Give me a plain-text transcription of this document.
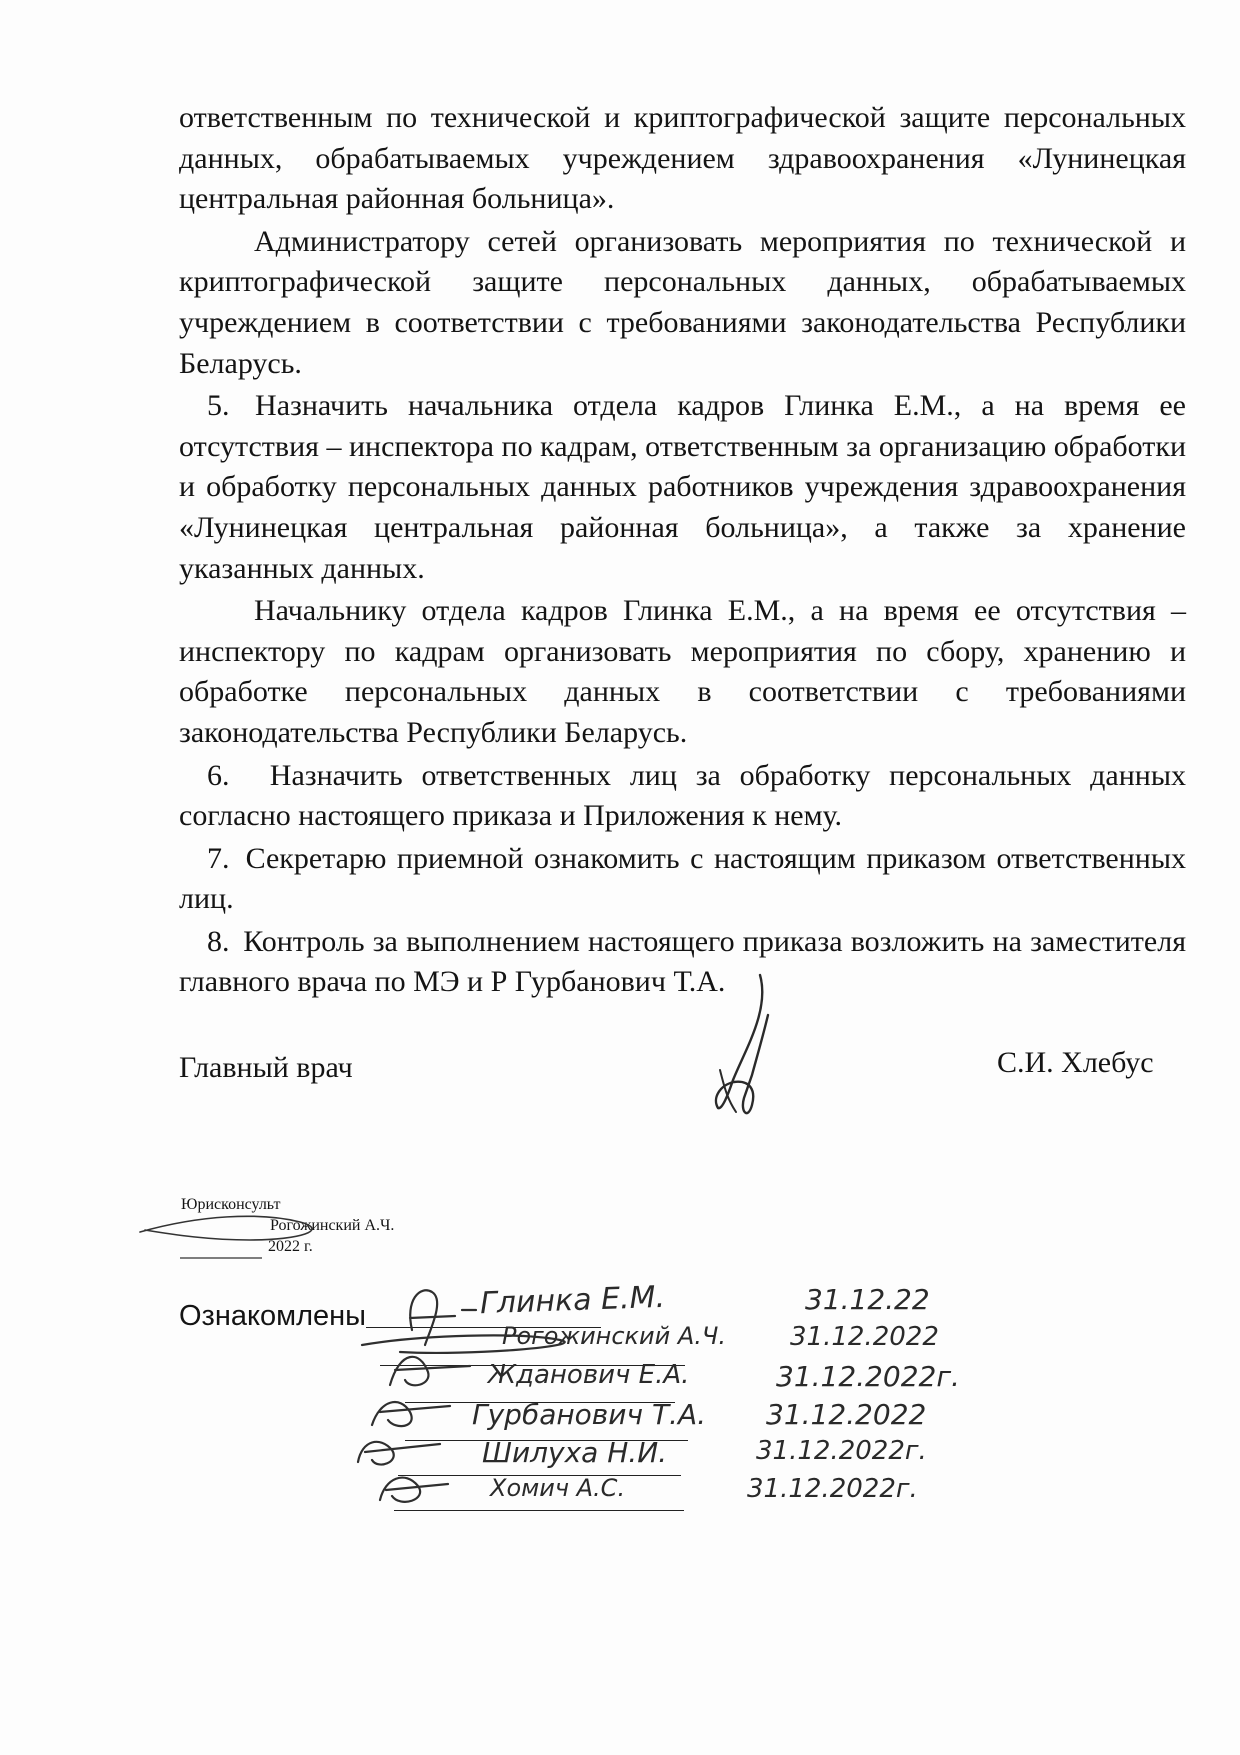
ответственным по технической и криптографической защите персональных данных, обрабатываемых учреждением здравоохранения «Лунинецкая центральная районная больница».

Администратору сетей организовать мероприятия по технической и криптографической защите персональных данных, обрабатываемых учреждением в соответствии с требованиями законодательства Республики Беларусь.

5. Назначить начальника отдела кадров Глинка Е.М., а на время ее отсутствия – инспектора по кадрам, ответственным за организацию обработки и обработку персональных данных работников учреждения здравоохранения «Лунинецкая центральная районная больница», а также за хранение указанных данных.

Начальнику отдела кадров Глинка Е.М., а на время ее отсутствия – инспектору по кадрам организовать мероприятия по сбору, хранению и обработке персональных данных в соответствии с требованиями законодательства Республики Беларусь.

6. Назначить ответственных лиц за обработку персональных данных согласно настоящего приказа и Приложения к нему.

7. Секретарю приемной ознакомить с настоящим приказом ответственных лиц.

8. Контроль за выполнением настоящего приказа возложить на заместителя главного врача по МЭ и Р Гурбанович Т.А.

Главный врач	С.И. Хлебус
Юрисконсульт
Рогожинский А.Ч.
2022 г.
Ознакомлены	Глинка Е.М.	31.12.22
Рогожинский А.Ч. 31.12.2022
Жданович Е.А.	31.12.2022г.
Гурбанович Т.А. 31.12.2022
Шилуха Н.И.	31.12.2022г.
Хомич А.С.	31.12.2022г.
